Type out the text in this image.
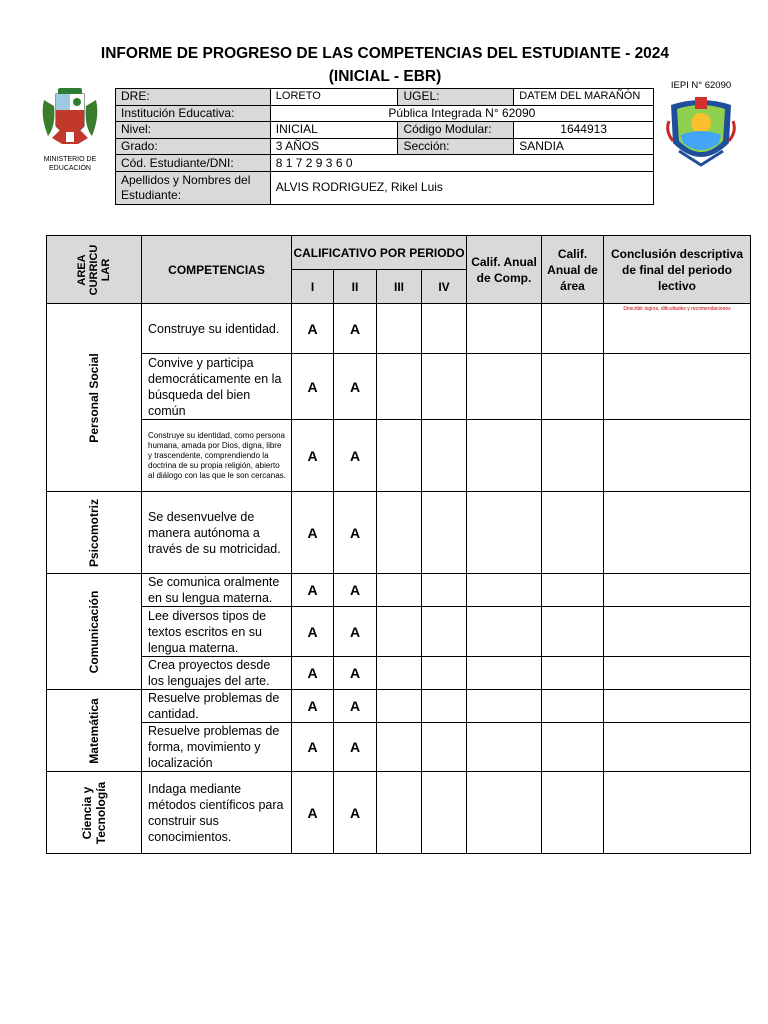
INFORME DE PROGRESO DE LAS COMPETENCIAS DEL ESTUDIANTE - 2024
(INICIAL - EBR)
MINISTERIO DE EDUCACIÓN
IEPI N° 62090
DRE:	LORETO	UGEL:	DATEM DEL MARAÑÓN
Institución Educativa:	Pública Integrada N° 62090		
Nivel:	INICIAL	Código Modular:	1644913
Grado:	3 AÑOS	Sección:	SANDIA
Cód. Estudiante/DNI:	8 1 7 2 9 3 6 0		
Apellidos y Nombres del Estudiante:	ALVIS RODRIGUEZ, Rikel Luis		
AREA CURRICU LAR	COMPETENCIAS	CALIFICATIVO POR PERIODO				Calif. Anual de Comp.	Calif. Anual de área	Conclusión descriptiva de final del periodo lectivo
		I	II	III	IV			

Personal Social	Construye su identidad.	A	A					Describir logros, dificultades y recomendaciones
	Convive y participa democráticamente en la búsqueda del bien común	A	A					
	Construye su identidad, como persona humana, amada por Dios, digna, libre y trascendente, comprendiendo la doctrina de su propia religión, abierto al diálogo con las que le son cercanas.	A	A					

Psicomotriz	Se desenvuelve de manera autónoma a través de su motricidad.	A	A					

Comunicación	Se comunica oralmente en su lengua materna.	A	A					
	Lee diversos tipos de textos escritos en su lengua materna.	A	A					
	Crea proyectos desde los lenguajes del arte.	A	A					

Matemática	Resuelve problemas de cantidad.	A	A					
	Resuelve problemas de forma, movimiento y localización	A	A					

Ciencia y Tecnología	Indaga mediante métodos científicos para construir sus conocimientos.	A	A					
